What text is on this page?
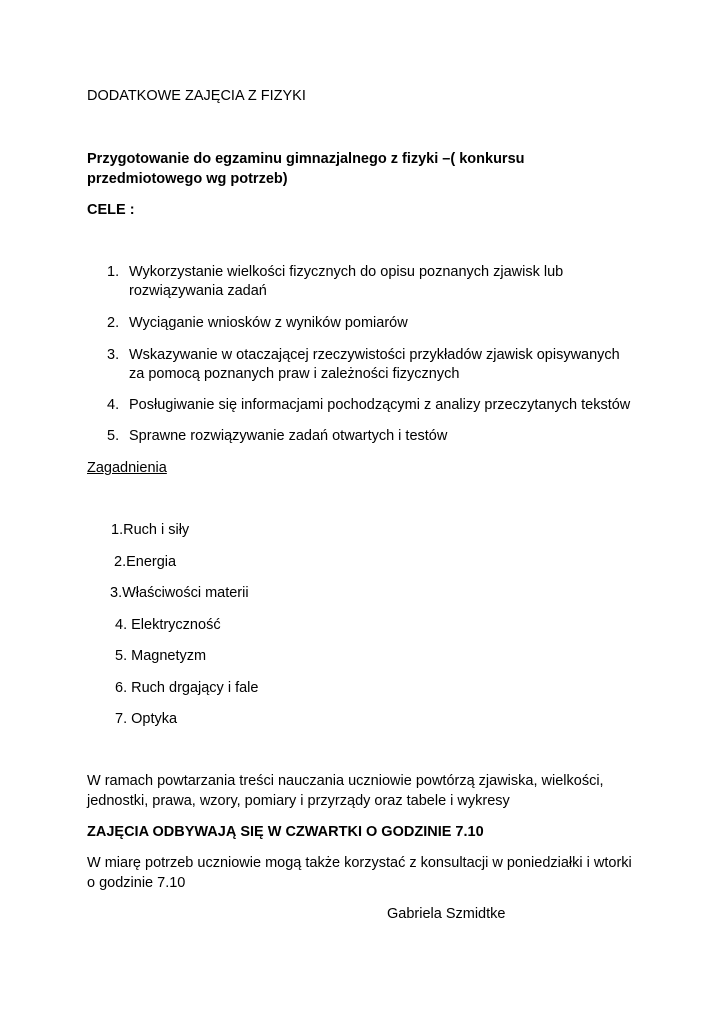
DODATKOWE ZAJĘCIA Z FIZYKI
Przygotowanie do egzaminu gimnazjalnego z fizyki –( konkursu
przedmiotowego wg potrzeb)
CELE :
1. Wykorzystanie wielkości fizycznych do opisu poznanych zjawisk lub
rozwiązywania zadań
2. Wyciąganie wniosków z wyników pomiarów
3. Wskazywanie w otaczającej rzeczywistości przykładów zjawisk opisywanych
za pomocą poznanych praw i zależności fizycznych
4. Posługiwanie się informacjami pochodzącymi z analizy przeczytanych tekstów
5. Sprawne rozwiązywanie zadań otwartych i testów
Zagadnienia
1.Ruch i siły
2.Energia
3.Właściwości materii
4. Elektryczność
5. Magnetyzm
6. Ruch drgający i fale
7. Optyka
W ramach powtarzania treści nauczania uczniowie powtórzą zjawiska, wielkości,
jednostki, prawa, wzory, pomiary i przyrządy oraz tabele i wykresy
ZAJĘCIA ODBYWAJĄ SIĘ W CZWARTKI O GODZINIE 7.10
W miarę potrzeb uczniowie mogą także korzystać z konsultacji w poniedziałki i wtorki
o godzinie 7.10
Gabriela Szmidtke
